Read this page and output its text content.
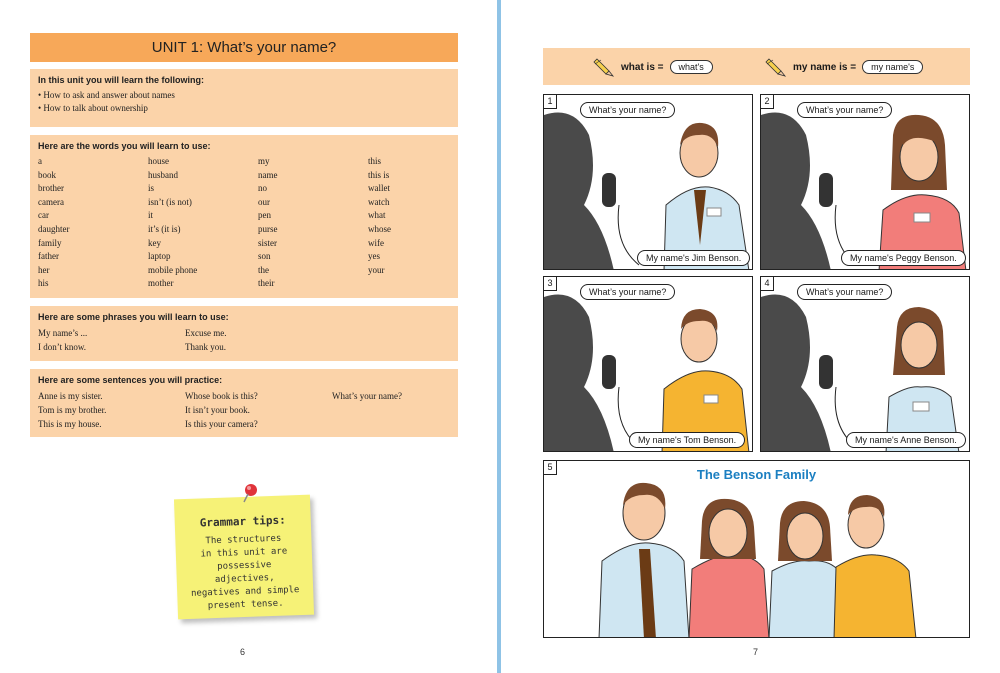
UNIT 1: What’s your name?
In this unit you will learn the following:
• How to ask and answer about names
• How to talk about ownership
Here are the words you will learn to use:
a	house	my	this
book	husband	name	this is
brother	is	no	wallet
camera	isn’t (is not)	our	watch
car	it	pen	what
daughter	it’s (it is)	purse	whose
family	key	sister	wife
father	laptop	son	yes
her	mobile phone	the	your
his	mother	their
Here are some phrases you will learn to use:
My name’s ...	Excuse me.
I don’t know.	Thank you.
Here are some sentences you will practice:
Anne is my sister.	Whose book is this?	What’s your name?
Tom is my brother.	It isn’t your book.
This is my house.	Is this your camera?
Grammar tips:
The structures
in this unit are
possessive adjectives,
negatives and simple
present tense.
6
what is =	what's	my name is =	my name's
1
What’s your name?
My name's Jim Benson.
2
What’s your name?
My name's Peggy Benson.
3
What’s your name?
My name's Tom Benson.
4
What’s your name?
My name's Anne Benson.
5	The Benson Family
7
